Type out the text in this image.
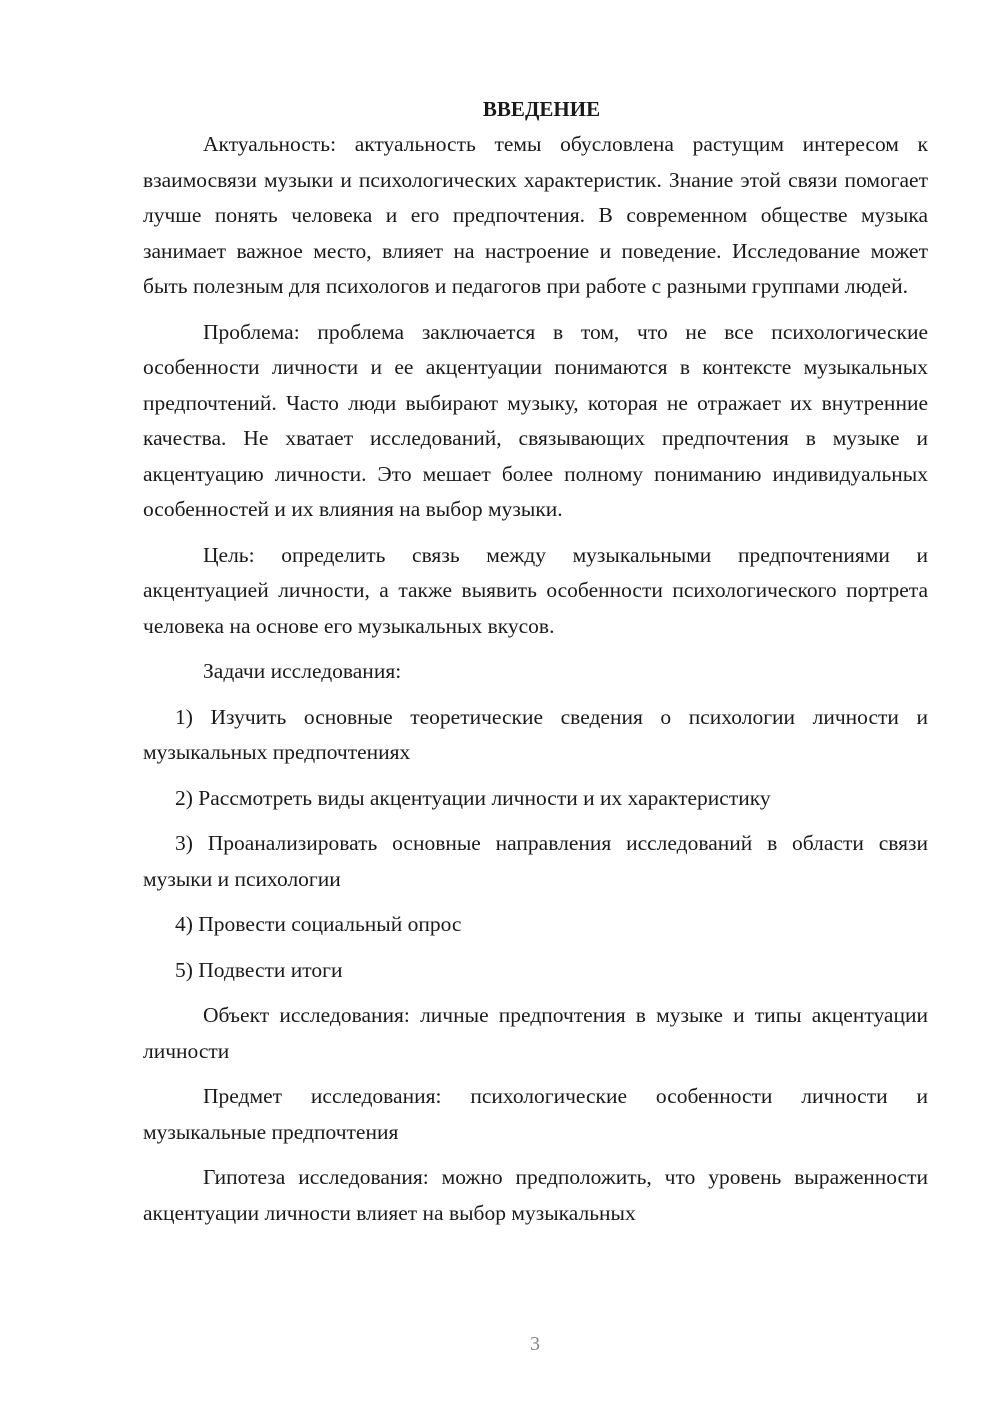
ВВЕДЕНИЕ

Актуальность: актуальность темы обусловлена растущим интересом к взаимосвязи музыки и психологических характеристик. Знание этой связи помогает лучше понять человека и его предпочтения. В современном обществе музыка занимает важное место, влияет на настроение и поведение. Исследование может быть полезным для психологов и педагогов при работе с разными группами людей.

Проблема: проблема заключается в том, что не все психологические особенности личности и ее акцентуации понимаются в контексте музыкальных предпочтений. Часто люди выбирают музыку, которая не отражает их внутренние качества. Не хватает исследований, связывающих предпочтения в музыке и акцентуацию личности. Это мешает более полному пониманию индивидуальных особенностей и их влияния на выбор музыки.

Цель: определить связь между музыкальными предпочтениями и акцентуацией личности, а также выявить особенности психологического портрета человека на основе его музыкальных вкусов.

Задачи исследования:

1) Изучить основные теоретические сведения о психологии личности и музыкальных предпочтениях

2) Рассмотреть виды акцентуации личности и их характеристику

3) Проанализировать основные направления исследований в области связи музыки и психологии

4) Провести социальный опрос

5) Подвести итоги

Объект исследования: личные предпочтения в музыке и типы акцентуации личности

Предмет исследования: психологические особенности личности и музыкальные предпочтения

Гипотеза исследования: можно предположить, что уровень выраженности акцентуации личности влияет на выбор музыкальных

3
